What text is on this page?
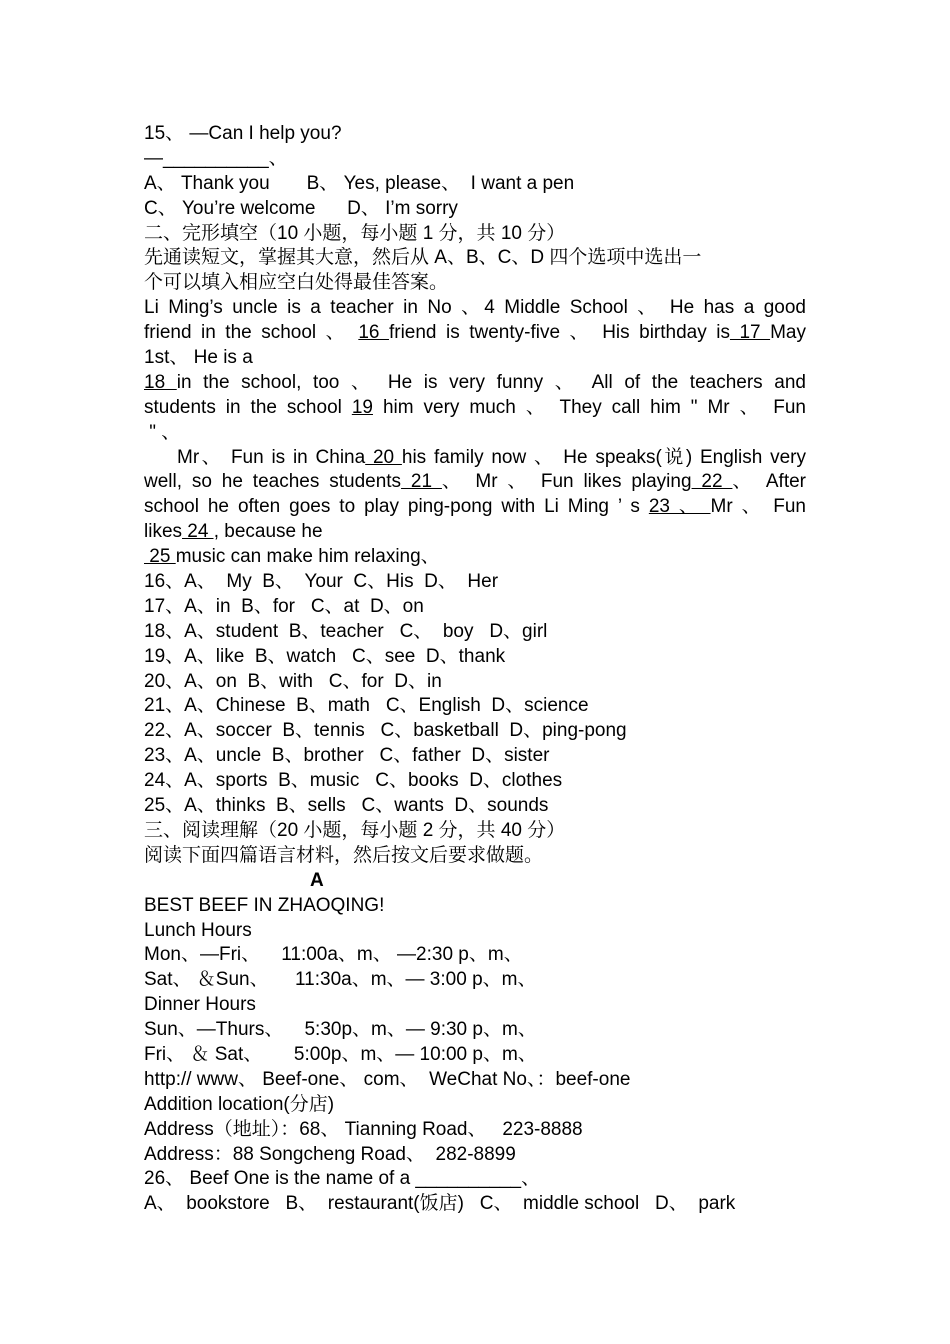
15、 —Can I help you?
—__________、
A、 Thank you       B、 Yes, please、  I want a pen
C、 You’re welcome      D、 I’m sorry
二、完形填空（10 小题，每小题 1 分，共 10 分）
先通读短文，掌握其大意，然后从 A、B、C、D 四个选项中选出一
个可以填入相应空白处得最佳答案。
Li Ming’s uncle is a teacher in No 、4 Middle School 、 He has a good
friend in the school 、 16 friend is twenty-five 、 His birthday is 17 May
1st、 He is a
18 in the school, too 、 He is very funny 、 All of the teachers and
students in the school 19 him very much 、 They call him " Mr 、 Fun
" 、
Mr、 Fun is in China 20 his family now 、 He speaks(说) English very
well, so he teaches students 21 、 Mr 、 Fun likes playing 22 、 After
school he often goes to play ping-pong with Li Ming ’ s 23 、 Mr 、 Fun
likes 24 , because he
25 music can make him relaxing、
16、A、  My  B、  Your  C、His  D、  Her
17、A、in  B、for   C、at  D、on
18、A、student  B、teacher   C、  boy   D、girl
19、A、like  B、watch   C、see  D、thank
20、A、on  B、with   C、for  D、in
21、A、Chinese  B、math   C、English  D、science
22、A、soccer  B、tennis   C、basketball  D、ping-pong
23、A、uncle  B、brother   C、father  D、sister
24、A、sports  B、music   C、books  D、clothes
25、A、thinks  B、sells   C、wants  D、sounds
三、阅读理解（20 小题，每小题 2 分，共 40 分）
阅读下面四篇语言材料，然后按文后要求做题。
A
BEST BEEF IN ZHAOQING!
Lunch Hours
Mon、—Fri、    11:00a、m、 —2:30 p、m、
Sat、 ＆Sun、     11:30a、m、— 3:00 p、m、
Dinner Hours
Sun、—Thurs、    5:30p、m、— 9:30 p、m、
Fri、 ＆ Sat、      5:00p、m、— 10:00 p、m、
http:// www、 Beef-one、 com、  WeChat No、：beef-one
Addition location(分店)
Address（地址）：68、 Tianning Road、   223-8888
Address：88 Songcheng Road、  282-8899
26、 Beef One is the name of a __________、
A、  bookstore   B、  restaurant(饭店)   C、  middle school   D、  park
